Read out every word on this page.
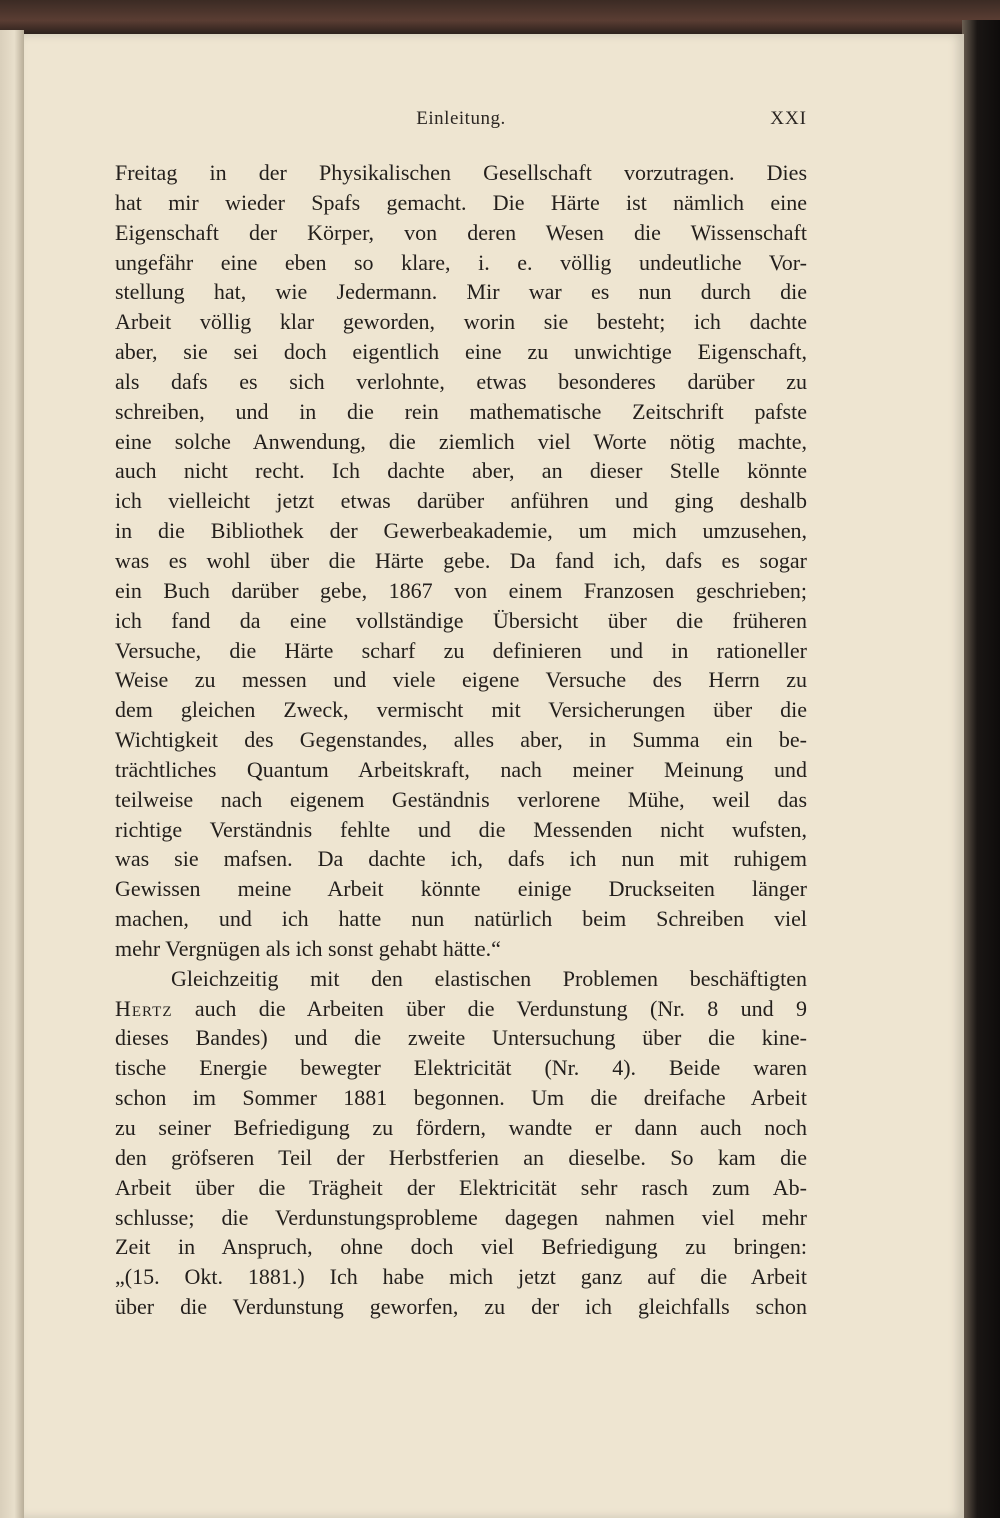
Einleitung.	XXI
Freitag in der Physikalischen Gesellschaft vorzutragen. Dies
hat mir wieder Spafs gemacht. Die Härte ist nämlich eine
Eigenschaft der Körper, von deren Wesen die Wissenschaft
ungefähr eine eben so klare, i. e. völlig undeutliche Vor-
stellung hat, wie Jedermann. Mir war es nun durch die
Arbeit völlig klar geworden, worin sie besteht; ich dachte
aber, sie sei doch eigentlich eine zu unwichtige Eigenschaft,
als dafs es sich verlohnte, etwas besonderes darüber zu
schreiben, und in die rein mathematische Zeitschrift pafste
eine solche Anwendung, die ziemlich viel Worte nötig machte,
auch nicht recht. Ich dachte aber, an dieser Stelle könnte
ich vielleicht jetzt etwas darüber anführen und ging deshalb
in die Bibliothek der Gewerbeakademie, um mich umzusehen,
was es wohl über die Härte gebe. Da fand ich, dafs es sogar
ein Buch darüber gebe, 1867 von einem Franzosen geschrieben;
ich fand da eine vollständige Übersicht über die früheren
Versuche, die Härte scharf zu definieren und in rationeller
Weise zu messen und viele eigene Versuche des Herrn zu
dem gleichen Zweck, vermischt mit Versicherungen über die
Wichtigkeit des Gegenstandes, alles aber, in Summa ein be-
trächtliches Quantum Arbeitskraft, nach meiner Meinung und
teilweise nach eigenem Geständnis verlorene Mühe, weil das
richtige Verständnis fehlte und die Messenden nicht wufsten,
was sie mafsen. Da dachte ich, dafs ich nun mit ruhigem
Gewissen meine Arbeit könnte einige Druckseiten länger
machen, und ich hatte nun natürlich beim Schreiben viel
mehr Vergnügen als ich sonst gehabt hätte.“
Gleichzeitig mit den elastischen Problemen beschäftigten
Hertz auch die Arbeiten über die Verdunstung (Nr. 8 und 9
dieses Bandes) und die zweite Untersuchung über die kine-
tische Energie bewegter Elektricität (Nr. 4). Beide waren
schon im Sommer 1881 begonnen. Um die dreifache Arbeit
zu seiner Befriedigung zu fördern, wandte er dann auch noch
den gröfseren Teil der Herbstferien an dieselbe. So kam die
Arbeit über die Trägheit der Elektricität sehr rasch zum Ab-
schlusse; die Verdunstungsprobleme dagegen nahmen viel mehr
Zeit in Anspruch, ohne doch viel Befriedigung zu bringen:
„(15. Okt. 1881.) Ich habe mich jetzt ganz auf die Arbeit
über die Verdunstung geworfen, zu der ich gleichfalls schon
